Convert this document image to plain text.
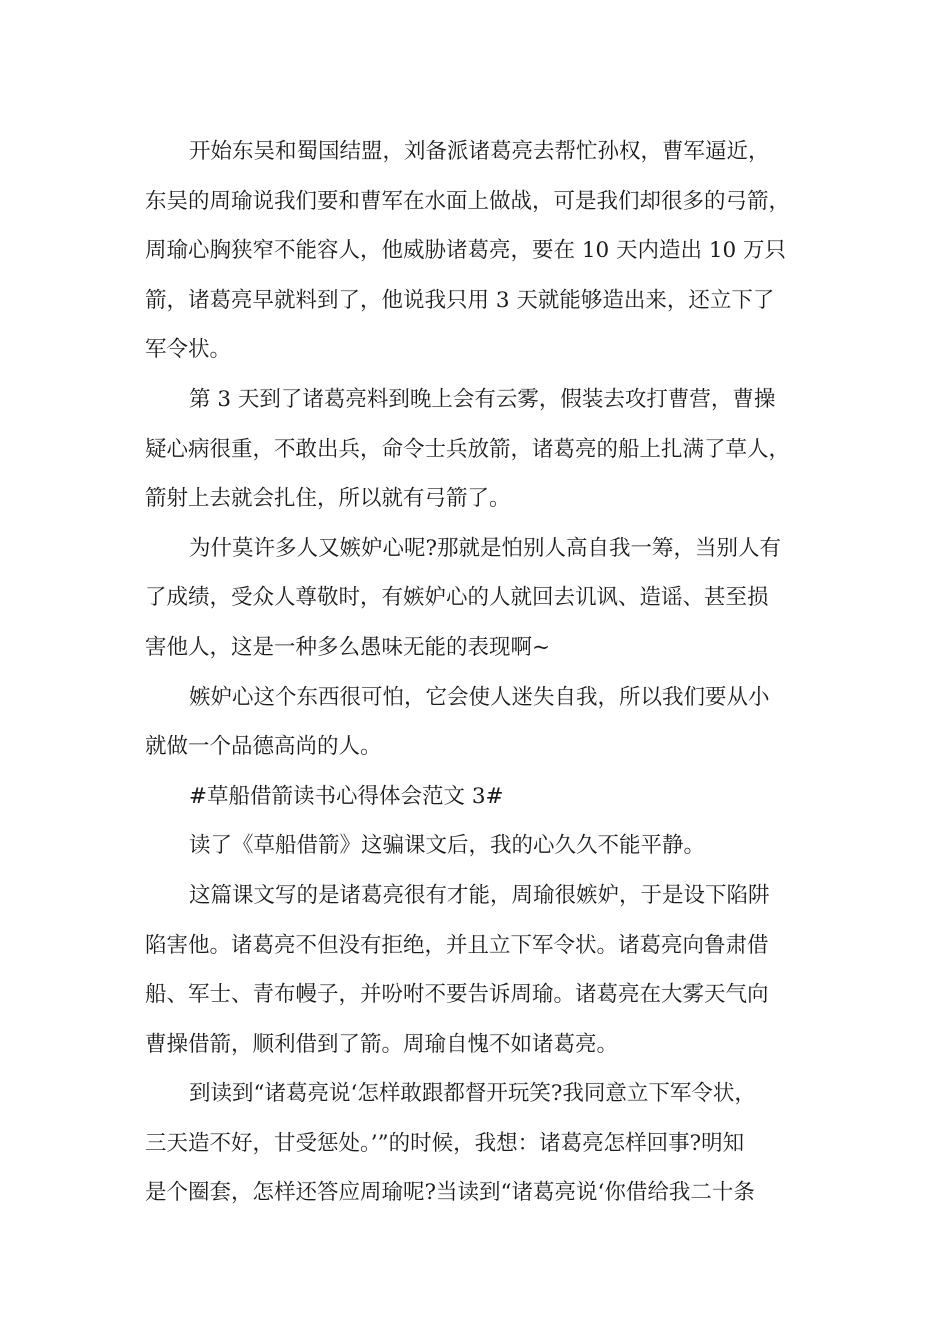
开始东吴和蜀国结盟，刘备派诸葛亮去帮忙孙权，曹军逼近，
东吴的周瑜说我们要和曹军在水面上做战，可是我们却很多的弓箭，
周瑜心胸狭窄不能容人，他威胁诸葛亮，要在 10 天内造出 10 万只
箭，诸葛亮早就料到了，他说我只用 3 天就能够造出来，还立下了
军令状。
第 3 天到了诸葛亮料到晚上会有云雾，假装去攻打曹营，曹操
疑心病很重，不敢出兵，命令士兵放箭，诸葛亮的船上扎满了草人，
箭射上去就会扎住，所以就有弓箭了。
为什莫许多人又嫉妒心呢?那就是怕别人高自我一筹，当别人有
了成绩，受众人尊敬时，有嫉妒心的人就回去讥讽、造谣、甚至损
害他人，这是一种多么愚味无能的表现啊~
嫉妒心这个东西很可怕，它会使人迷失自我，所以我们要从小
就做一个品德高尚的人。
#草船借箭读书心得体会范文 3#
读了《草船借箭》这骗课文后，我的心久久不能平静。
这篇课文写的是诸葛亮很有才能，周瑜很嫉妒，于是设下陷阱
陷害他。诸葛亮不但没有拒绝，并且立下军令状。诸葛亮向鲁肃借
船、军士、青布幔子，并吩咐不要告诉周瑜。诸葛亮在大雾天气向
曹操借箭，顺利借到了箭。周瑜自愧不如诸葛亮。
到读到“诸葛亮说‘怎样敢跟都督开玩笑?我同意立下军令状，
三天造不好，甘受惩处。’”的时候，我想：诸葛亮怎样回事?明知
是个圈套，怎样还答应周瑜呢?当读到“诸葛亮说‘你借给我二十条
